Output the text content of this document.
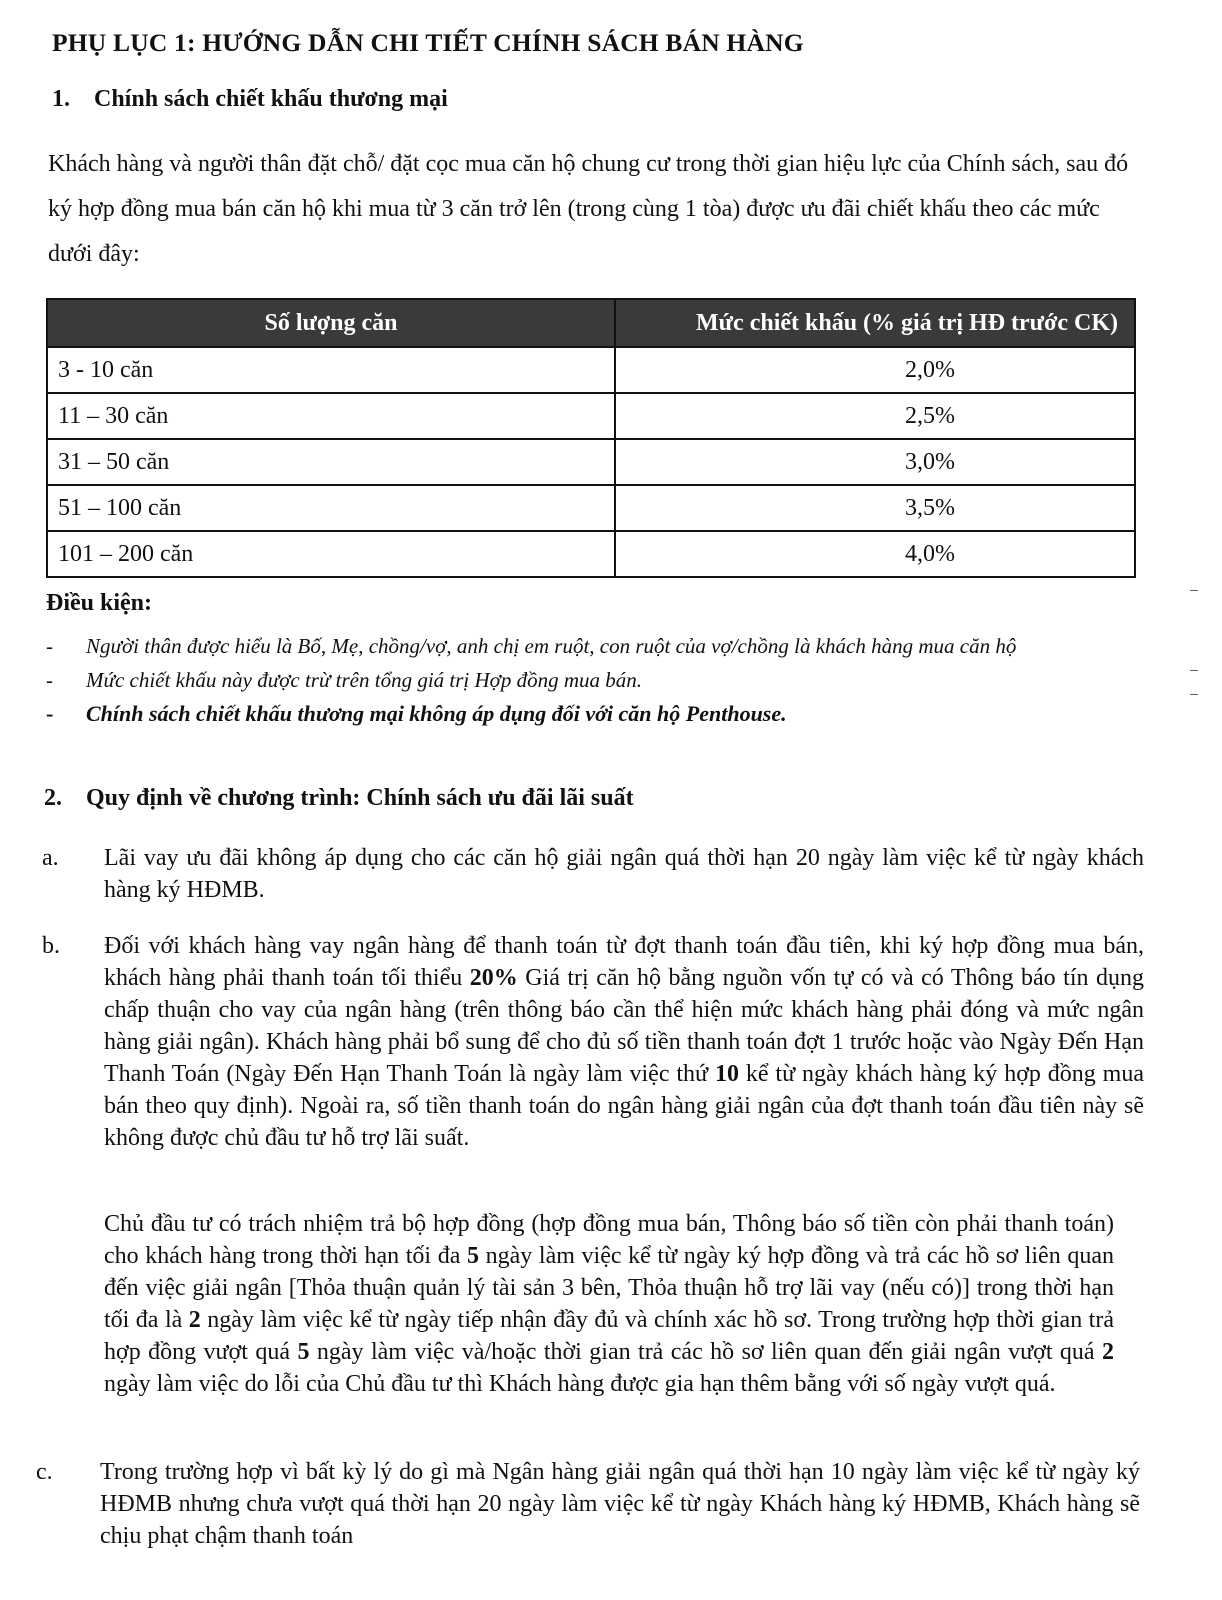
PHỤ LỤC 1: HƯỚNG DẪN CHI TIẾT CHÍNH SÁCH BÁN HÀNG
1. Chính sách chiết khấu thương mại
Khách hàng và người thân đặt chỗ/ đặt cọc mua căn hộ chung cư trong thời gian hiệu lực của Chính sách, sau đó ký hợp đồng mua bán căn hộ khi mua từ 3 căn trở lên (trong cùng 1 tòa) được ưu đãi chiết khấu theo các mức dưới đây:
Số lượng căn	Mức chiết khấu (% giá trị HĐ trước CK)
3 - 10 căn	2,0%
11 – 30 căn	2,5%
31 – 50 căn	3,0%
51 – 100 căn	3,5%
101 – 200 căn	4,0%
Điều kiện:
- Người thân được hiểu là Bố, Mẹ, chồng/vợ, anh chị em ruột, con ruột của vợ/chồng là khách hàng mua căn hộ
- Mức chiết khấu này được trừ trên tổng giá trị Hợp đồng mua bán.
- Chính sách chiết khấu thương mại không áp dụng đối với căn hộ Penthouse.
2. Quy định về chương trình: Chính sách ưu đãi lãi suất
a. Lãi vay ưu đãi không áp dụng cho các căn hộ giải ngân quá thời hạn 20 ngày làm việc kể từ ngày khách hàng ký HĐMB.
b. Đối với khách hàng vay ngân hàng để thanh toán từ đợt thanh toán đầu tiên, khi ký hợp đồng mua bán, khách hàng phải thanh toán tối thiểu 20% Giá trị căn hộ bằng nguồn vốn tự có và có Thông báo tín dụng chấp thuận cho vay của ngân hàng (trên thông báo cần thể hiện mức khách hàng phải đóng và mức ngân hàng giải ngân). Khách hàng phải bổ sung để cho đủ số tiền thanh toán đợt 1 trước hoặc vào Ngày Đến Hạn Thanh Toán (Ngày Đến Hạn Thanh Toán là ngày làm việc thứ 10 kể từ ngày khách hàng ký hợp đồng mua bán theo quy định). Ngoài ra, số tiền thanh toán do ngân hàng giải ngân của đợt thanh toán đầu tiên này sẽ không được chủ đầu tư hỗ trợ lãi suất.
Chủ đầu tư có trách nhiệm trả bộ hợp đồng (hợp đồng mua bán, Thông báo số tiền còn phải thanh toán) cho khách hàng trong thời hạn tối đa 5 ngày làm việc kể từ ngày ký hợp đồng và trả các hồ sơ liên quan đến việc giải ngân [Thỏa thuận quản lý tài sản 3 bên, Thỏa thuận hỗ trợ lãi vay (nếu có)] trong thời hạn tối đa là 2 ngày làm việc kể từ ngày tiếp nhận đầy đủ và chính xác hồ sơ. Trong trường hợp thời gian trả hợp đồng vượt quá 5 ngày làm việc và/hoặc thời gian trả các hồ sơ liên quan đến giải ngân vượt quá 2 ngày làm việc do lỗi của Chủ đầu tư thì Khách hàng được gia hạn thêm bằng với số ngày vượt quá.
c. Trong trường hợp vì bất kỳ lý do gì mà Ngân hàng giải ngân quá thời hạn 10 ngày làm việc kể từ ngày ký HĐMB nhưng chưa vượt quá thời hạn 20 ngày làm việc kể từ ngày Khách hàng ký HĐMB, Khách hàng sẽ chịu phạt chậm thanh toán
